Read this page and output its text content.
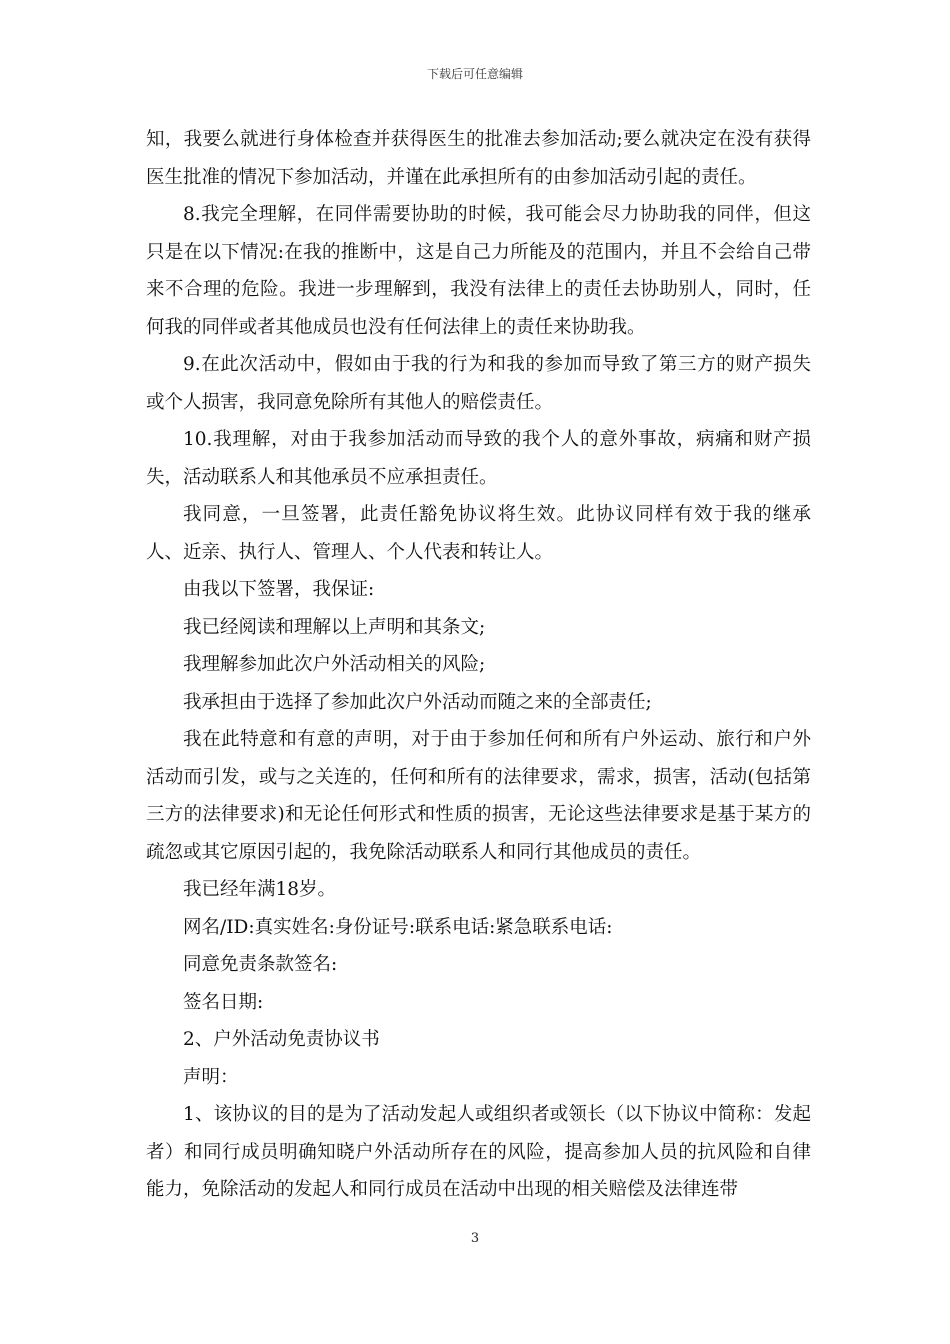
下载后可任意编辑

知，我要么就进行身体检查并获得医生的批准去参加活动;要么就决定在没有获得医生批准的情况下参加活动，并谨在此承担所有的由参加活动引起的责任。

8.我完全理解，在同伴需要协助的时候，我可能会尽力协助我的同伴，但这只是在以下情况:在我的推断中，这是自己力所能及的范围内，并且不会给自己带来不合理的危险。我进一步理解到，我没有法律上的责任去协助别人，同时，任何我的同伴或者其他成员也没有任何法律上的责任来协助我。

9.在此次活动中，假如由于我的行为和我的参加而导致了第三方的财产损失或个人损害，我同意免除所有其他人的赔偿责任。

10.我理解，对由于我参加活动而导致的我个人的意外事故，病痛和财产损失，活动联系人和其他承员不应承担责任。

我同意，一旦签署，此责任豁免协议将生效。此协议同样有效于我的继承人、近亲、执行人、管理人、个人代表和转让人。

由我以下签署，我保证:

我已经阅读和理解以上声明和其条文;

我理解参加此次户外活动相关的风险;

我承担由于选择了参加此次户外活动而随之来的全部责任;

我在此特意和有意的声明，对于由于参加任何和所有户外运动、旅行和户外活动而引发，或与之关连的，任何和所有的法律要求，需求，损害，活动(包括第三方的法律要求)和无论任何形式和性质的损害，无论这些法律要求是基于某方的疏忽或其它原因引起的，我免除活动联系人和同行其他成员的责任。

我已经年满18岁。

网名/ID:真实姓名:身份证号:联系电话:紧急联系电话:

同意免责条款签名:

签名日期:

2、户外活动免责协议书

声明：

1、该协议的目的是为了活动发起人或组织者或领长（以下协议中简称：发起者）和同行成员明确知晓户外活动所存在的风险，提高参加人员的抗风险和自律能力，免除活动的发起人和同行成员在活动中出现的相关赔偿及法律连带

3
